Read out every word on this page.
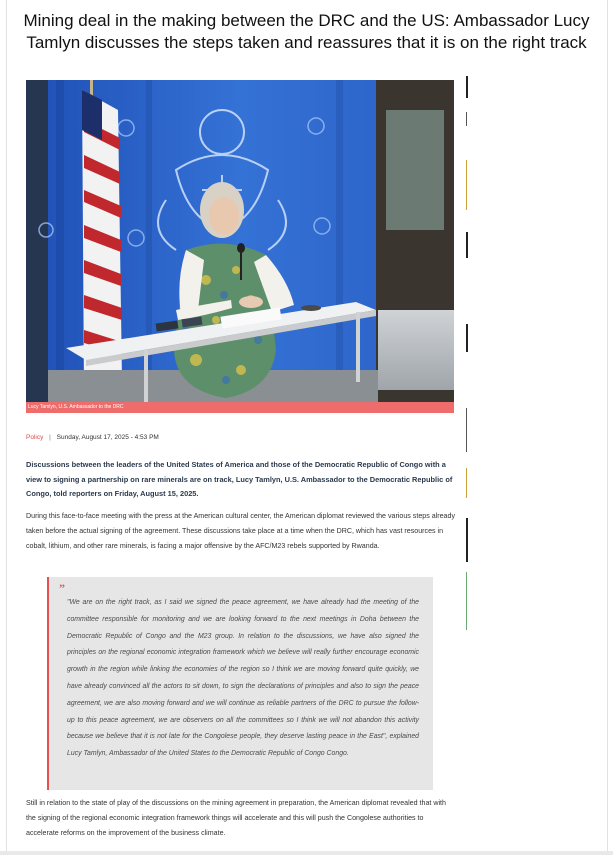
Mining deal in the making between the DRC and the US: Ambassador Lucy Tamlyn discusses the steps taken and reassures that it is on the right track
Lucy Tamlyn, U.S. Ambassador to the DRC
Policy | Sunday, August 17, 2025 - 4:53 PM

Discussions between the leaders of the United States of America and those of the Democratic Republic of Congo with a view to signing a partnership on rare minerals are on track, Lucy Tamlyn, U.S. Ambassador to the Democratic Republic of Congo, told reporters on Friday, August 15, 2025.

During this face-to-face meeting with the press at the American cultural center, the American diplomat reviewed the various steps already taken before the actual signing of the agreement. These discussions take place at a time when the DRC, which has vast resources in cobalt, lithium, and other rare minerals, is facing a major offensive by the AFC/M23 rebels supported by Rwanda.

”

"We are on the right track, as I said we signed the peace agreement, we have already had the meeting of the committee responsible for monitoring and we are looking forward to the next meetings in Doha between the Democratic Republic of Congo and the M23 group. In relation to the discussions, we have also signed the principles on the regional economic integration framework which we believe will really further encourage economic growth in the region while linking the economies of the region so I think we are moving forward quite quickly, we have already convinced all the actors to sit down, to sign the declarations of principles and also to sign the peace agreement, we are also moving forward and we will continue as reliable partners of the DRC to pursue the follow-up to this peace agreement, we are observers on all the committees so I think we will not abandon this activity because we believe that it is not late for the Congolese people, they deserve lasting peace in the East", explained Lucy Tamlyn, Ambassador of the United States to the Democratic Republic of Congo Congo.

Still in relation to the state of play of the discussions on the mining agreement in preparation, the American diplomat revealed that with the signing of the regional economic integration framework things will accelerate and this will push the Congolese authorities to accelerate reforms on the improvement of the business climate.
